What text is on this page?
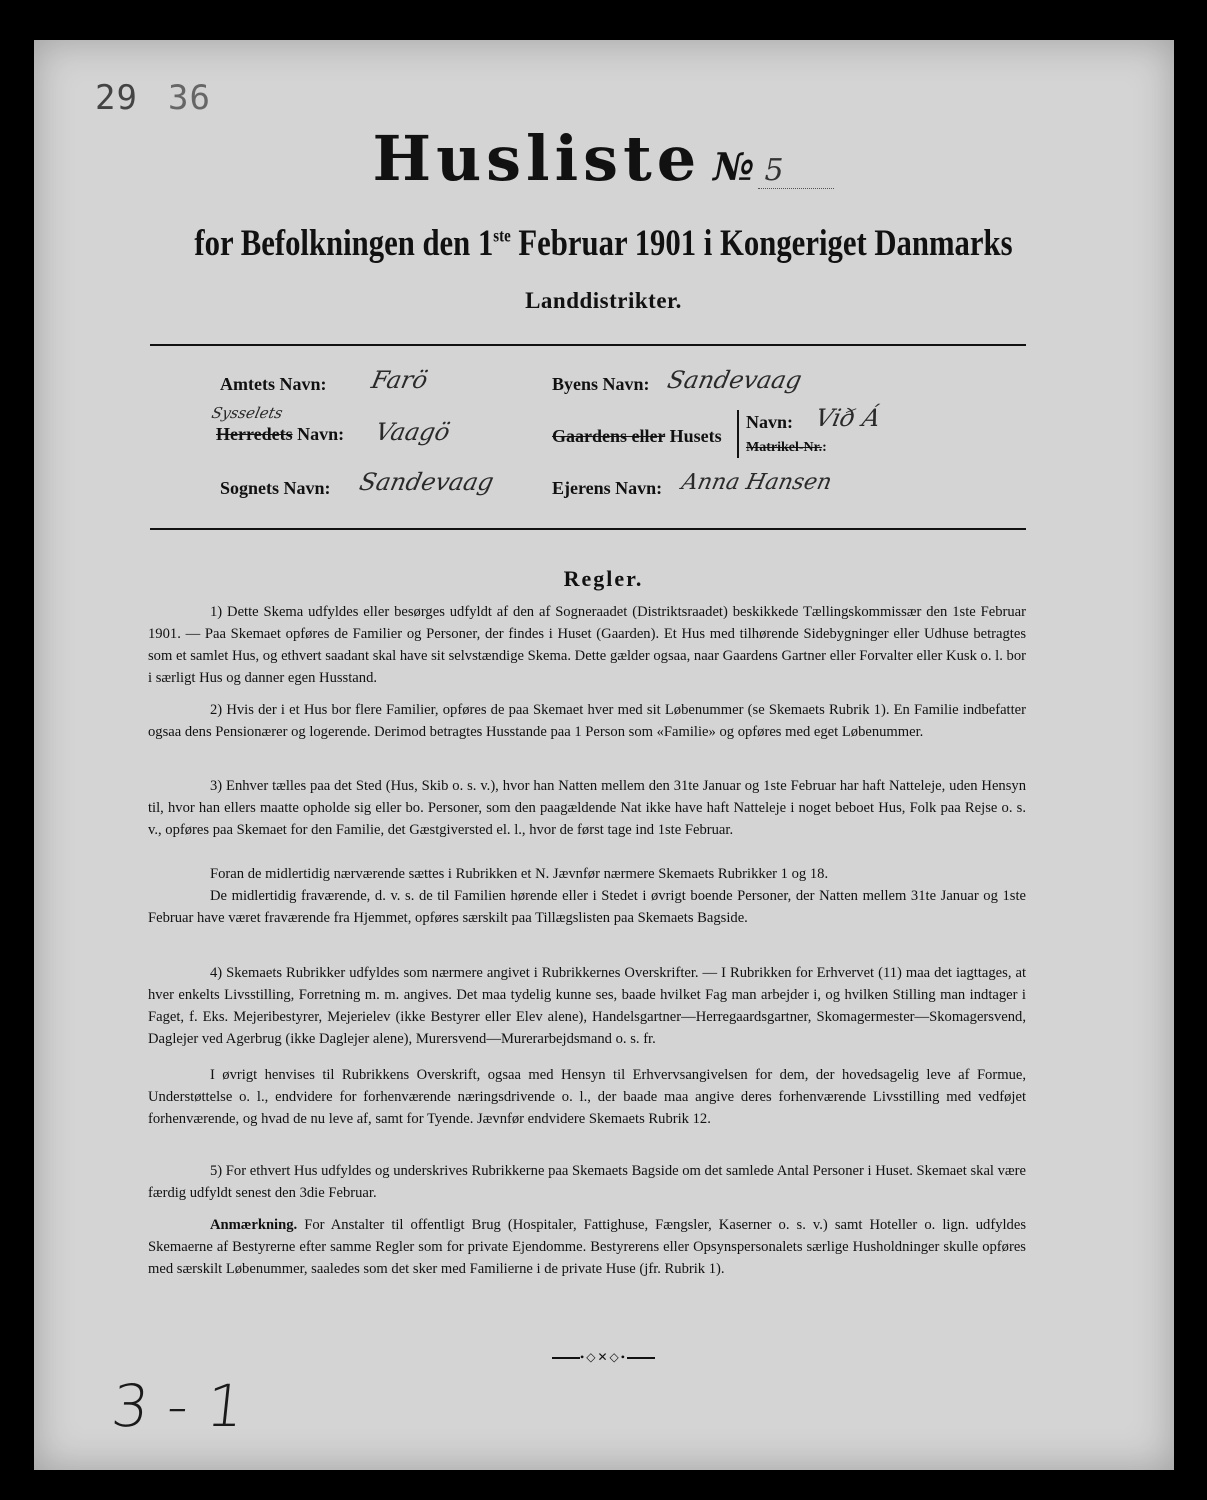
29 36
Husliste № 5
for Befolkningen den 1ste Februar 1901 i Kongeriget Danmarks
Landdistrikter.
Amtets Navn: Farö
Sysselets
Herredets Navn: Vaagö
Sognets Navn: Sandevaag
Byens Navn: Sandevaag
Gaardens eller Husets
Navn: Við Á
Matrikel-Nr.:
Ejerens Navn: Anna Hansen
Regler.
1) Dette Skema udfyldes eller besørges udfyldt af den af Sogneraadet (Distriktsraadet) beskikkede Tællingskommissær den 1ste Februar 1901. — Paa Skemaet opføres de Familier og Personer, der findes i Huset (Gaarden). Et Hus med tilhørende Sidebygninger eller Udhuse betragtes som et samlet Hus, og ethvert saadant skal have sit selvstændige Skema. Dette gælder ogsaa, naar Gaardens Gartner eller Forvalter eller Kusk o. l. bor i særligt Hus og danner egen Husstand.
2) Hvis der i et Hus bor flere Familier, opføres de paa Skemaet hver med sit Løbenummer (se Skemaets Rubrik 1). En Familie indbefatter ogsaa dens Pensionærer og logerende. Derimod betragtes Husstande paa 1 Person som «Familie» og opføres med eget Løbenummer.
3) Enhver tælles paa det Sted (Hus, Skib o. s. v.), hvor han Natten mellem den 31te Januar og 1ste Februar har haft Natteleje, uden Hensyn til, hvor han ellers maatte opholde sig eller bo. Personer, som den paagældende Nat ikke have haft Natteleje i noget beboet Hus, Folk paa Rejse o. s. v., opføres paa Skemaet for den Familie, det Gæstgiversted el. l., hvor de først tage ind 1ste Februar.
Foran de midlertidig nærværende sættes i Rubrikken et N. Jævnfør nærmere Skemaets Rubrikker 1 og 18.
De midlertidig fraværende, d. v. s. de til Familien hørende eller i Stedet i øvrigt boende Personer, der Natten mellem 31te Januar og 1ste Februar have været fraværende fra Hjemmet, opføres særskilt paa Tillægslisten paa Skemaets Bagside.
4) Skemaets Rubrikker udfyldes som nærmere angivet i Rubrikkernes Overskrifter. — I Rubrikken for Erhvervet (11) maa det iagttages, at hver enkelts Livsstilling, Forretning m. m. angives. Det maa tydelig kunne ses, baade hvilket Fag man arbejder i, og hvilken Stilling man indtager i Faget, f. Eks. Mejeribestyrer, Mejerielev (ikke Bestyrer eller Elev alene), Handelsgartner—Herregaardsgartner, Skomagermester—Skomagersvend, Daglejer ved Agerbrug (ikke Daglejer alene), Murersvend—Murerarbejdsmand o. s. fr.
I øvrigt henvises til Rubrikkens Overskrift, ogsaa med Hensyn til Erhvervsangivelsen for dem, der hovedsagelig leve af Formue, Understøttelse o. l., endvidere for forhenværende næringsdrivende o. l., der baade maa angive deres forhenværende Livsstilling med vedføjet forhenværende, og hvad de nu leve af, samt for Tyende. Jævnfør endvidere Skemaets Rubrik 12.
5) For ethvert Hus udfyldes og underskrives Rubrikkerne paa Skemaets Bagside om det samlede Antal Personer i Huset. Skemaet skal være færdig udfyldt senest den 3die Februar.
Anmærkning. For Anstalter til offentligt Brug (Hospitaler, Fattighuse, Fængsler, Kaserner o. s. v.) samt Hoteller o. lign. udfyldes Skemaerne af Bestyrerne efter samme Regler som for private Ejendomme. Bestyrerens eller Opsynspersonalets særlige Husholdninger skulle opføres med særskilt Løbenummer, saaledes som det sker med Familierne i de private Huse (jfr. Rubrik 1).
•◇✕◇•
3 - 1
